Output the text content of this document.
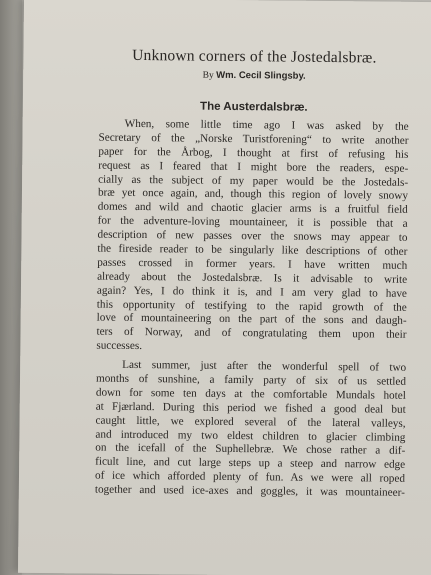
Unknown corners of the Jostedalsbræ.
By Wm. Cecil Slingsby.
The Austerdalsbræ.
When, some little time ago I was asked by the
Secretary of the „Norske Turistforening“ to write another
paper for the Årbog, I thought at first of refusing his
request as I feared that I might bore the readers, espe-
cially as the subject of my paper would be the Jostedals-
bræ yet once again, and, though this region of lovely snowy
domes and wild and chaotic glacier arms is a fruitful field
for the adventure-loving mountaineer, it is possible that a
description of new passes over the snows may appear to
the fireside reader to be singularly like descriptions of other
passes crossed in former years. I have written much
already about the Jostedalsbræ. Is it advisable to write
again? Yes, I do think it is, and I am very glad to have
this opportunity of testifying to the rapid growth of the
love of mountaineering on the part of the sons and daugh-
ters of Norway, and of congratulating them upon their
successes.
Last summer, just after the wonderful spell of two
months of sunshine, a family party of six of us settled
down for some ten days at the comfortable Mundals hotel
at Fjærland. During this period we fished a good deal but
caught little, we explored several of the lateral valleys,
and introduced my two eldest children to glacier climbing
on the icefall of the Suphellebræ. We chose rather a dif-
ficult line, and cut large steps up a steep and narrow edge
of ice which afforded plenty of fun. As we were all roped
together and used ice-axes and goggles, it was mountaineer-
